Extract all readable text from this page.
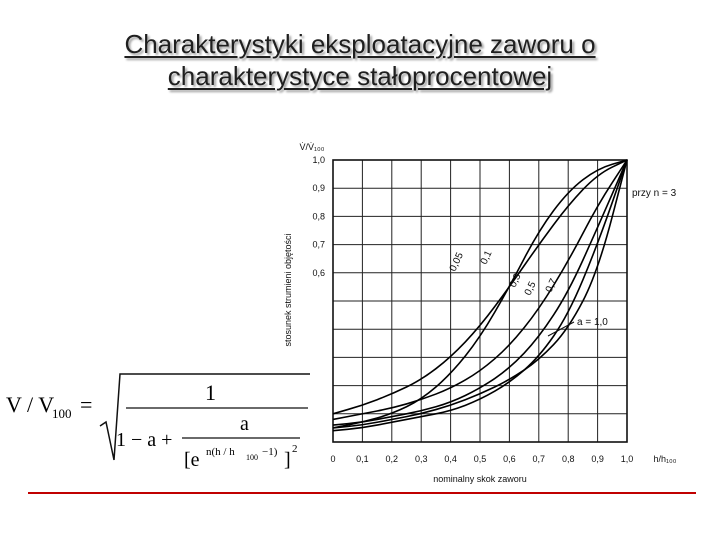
Charakterystyki eksploatacyjne zaworu o
charakterystyce stałoprocentowej
0 0,1 0,2 0,3 0,4 0,5 0,6 0,7 0,8 0,9 1,0
0,6
0,7
0,8
0,9
1,0
V̇/V̇₁₀₀
stosunek strumieni objętości
h/h₁₀₀
nominalny skok zaworu
przy n = 3
0,05 0,1
0,3 0,5 0,7
a = 1,0
V / V
100 =	1
a
1 − a +
[e n(h / h 100 −1) ] 2
